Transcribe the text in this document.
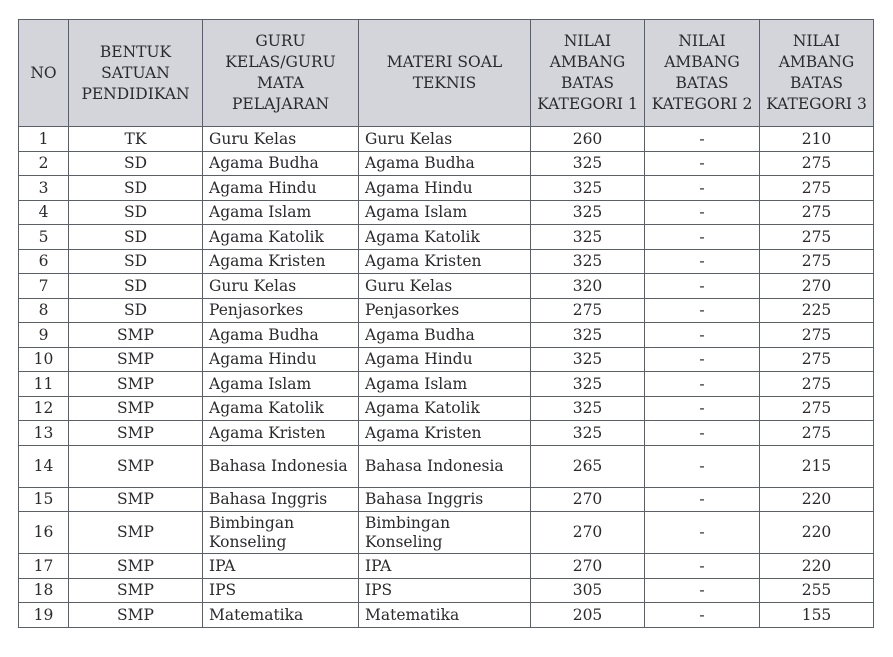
NO	BENTUK SATUAN PENDIDIKAN	GURU KELAS/GURU MATA PELAJARAN	MATERI SOAL TEKNIS	NILAI AMBANG BATAS KATEGORI 1	NILAI AMBANG BATAS KATEGORI 2	NILAI AMBANG BATAS KATEGORI 3
1	TK	Guru Kelas	Guru Kelas	260	-	210
2	SD	Agama Budha	Agama Budha	325	-	275
3	SD	Agama Hindu	Agama Hindu	325	-	275
4	SD	Agama Islam	Agama Islam	325	-	275
5	SD	Agama Katolik	Agama Katolik	325	-	275
6	SD	Agama Kristen	Agama Kristen	325	-	275
7	SD	Guru Kelas	Guru Kelas	320	-	270
8	SD	Penjasorkes	Penjasorkes	275	-	225
9	SMP	Agama Budha	Agama Budha	325	-	275
10	SMP	Agama Hindu	Agama Hindu	325	-	275
11	SMP	Agama Islam	Agama Islam	325	-	275
12	SMP	Agama Katolik	Agama Katolik	325	-	275
13	SMP	Agama Kristen	Agama Kristen	325	-	275
14	SMP	Bahasa Indonesia	Bahasa Indonesia	265	-	215
15	SMP	Bahasa Inggris	Bahasa Inggris	270	-	220
16	SMP	Bimbingan Konseling	Bimbingan Konseling	270	-	220
17	SMP	IPA	IPA	270	-	220
18	SMP	IPS	IPS	305	-	255
19	SMP	Matematika	Matematika	205	-	155
